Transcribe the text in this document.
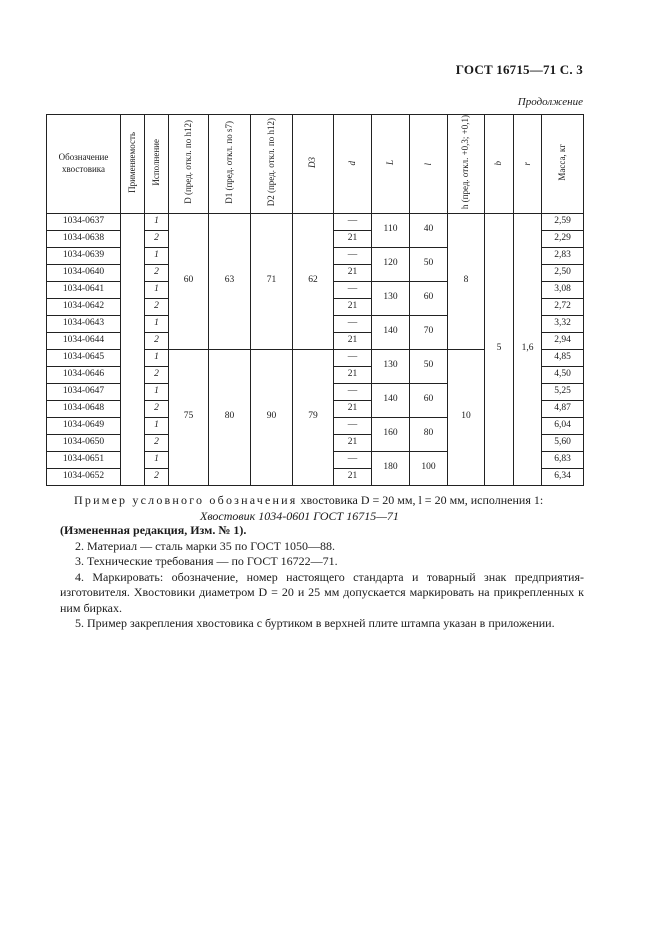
ГОСТ 16715—71 С. 3
Продолжение
Обозначение хвостовика	Применяемость	Исполнение	D (пред. откл. по h12)	D1 (пред. откл. по s7)	D2 (пред. откл. по h12)	D3	d	L	l	h (пред. откл. +0,3; +0,1)	b	r	Масса, кг
1034-0637		1	60	63	71	62	—	110	40	8	5	1,6	2,59
1034-0638		2					21						2,29
1034-0639		1					—	120	50				2,83
1034-0640		2					21						2,50
1034-0641		1					—	130	60				3,08
1034-0642		2					21						2,72
1034-0643		1					—	140	70				3,32
1034-0644		2					21						2,94
1034-0645		1	75	80	90	79	—	130	50	10			4,85
1034-0646		2					21						4,50
1034-0647		1					—	140	60				5,25
1034-0648		2					21						4,87
1034-0649		1					—	160	80				6,04
1034-0650		2					21						5,60
1034-0651		1					—	180	100				6,83
1034-0652		2					21						6,34
Пример условного обозначения хвостовика D = 20 мм, l = 20 мм, исполнения 1:
Хвостовик 1034-0601 ГОСТ 16715—71

(Измененная редакция, Изм. № 1).

2. Материал — сталь марки 35 по ГОСТ 1050—88.

3. Технические требования — по ГОСТ 16722—71.

4. Маркировать: обозначение, номер настоящего стандарта и товарный знак предприятия-изготовителя. Хвостовики диаметром D = 20 и 25 мм допускается маркировать на прикрепленных к ним бирках.

5. Пример закрепления хвостовика с буртиком в верхней плите штампа указан в приложении.
